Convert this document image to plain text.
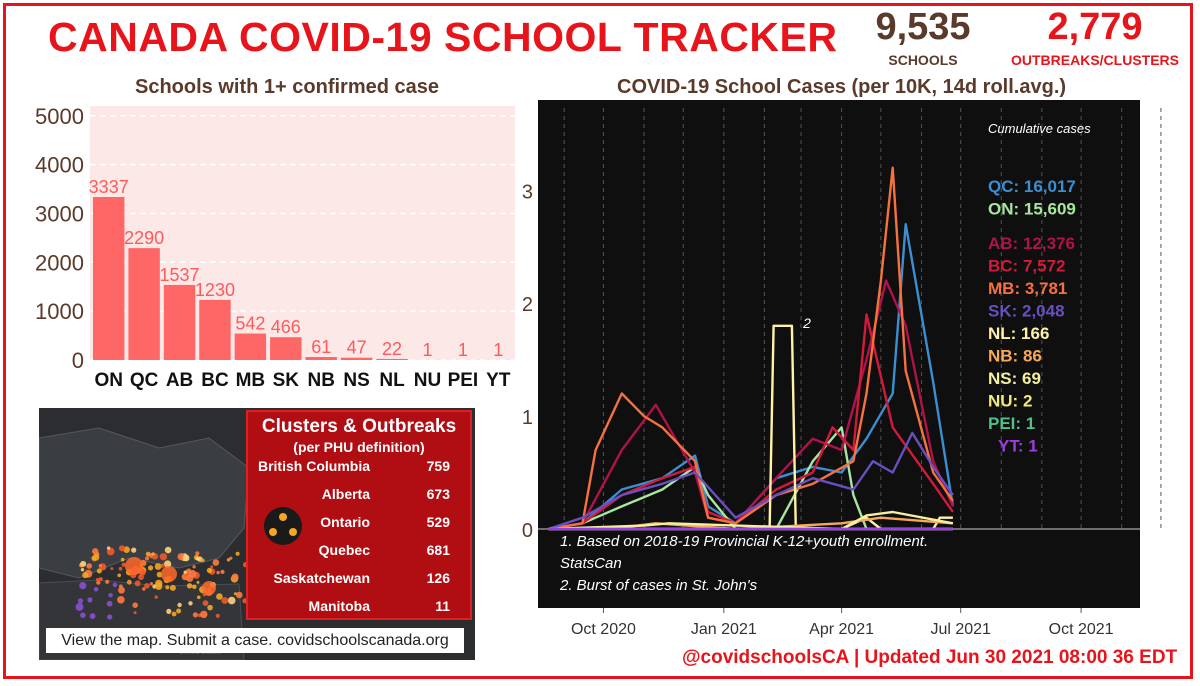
CANADA COVID-19 SCHOOL TRACKER 9,535
SCHOOLS
2,779
OUTBREAKS/CLUSTERS
Schools with 1+ confirmed case	COVID-19 School Cases (per 10K, 14d roll.avg.)
0
1000
2000
3000
4000
5000
3337
ON
2290
QC
1537
AB
1230
BC
542
MB
466
SK
61
NB
47
NS
22
NL
1
NU
1
PEI
1
YT
0
1
2
3
Oct 2020	Jan 2021	Apr 2021	Jul 2021	Oct 2021
2
Cumulative cases
QC: 16,017
ON: 15,609
AB: 12,376
BC: 7,572
MB: 3,781
SK: 2,048
NL: 166
NB: 86
NS: 69
NU: 2
PEI: 1
YT: 1
1. Based on 2018-19 Provincial K-12+youth enrollment.
StatsCan
2. Burst of cases in St. John's
Clusters & Outbreaks
(per PHU definition)
British Columbia	759
Alberta	673
Ontario	529
Quebec	681
Saskatchewan	126
Manitoba	11
View the map. Submit a case. covidschoolscanada.org
@covidschoolsCA | Updated Jun 30 2021 08:00 36 EDT
